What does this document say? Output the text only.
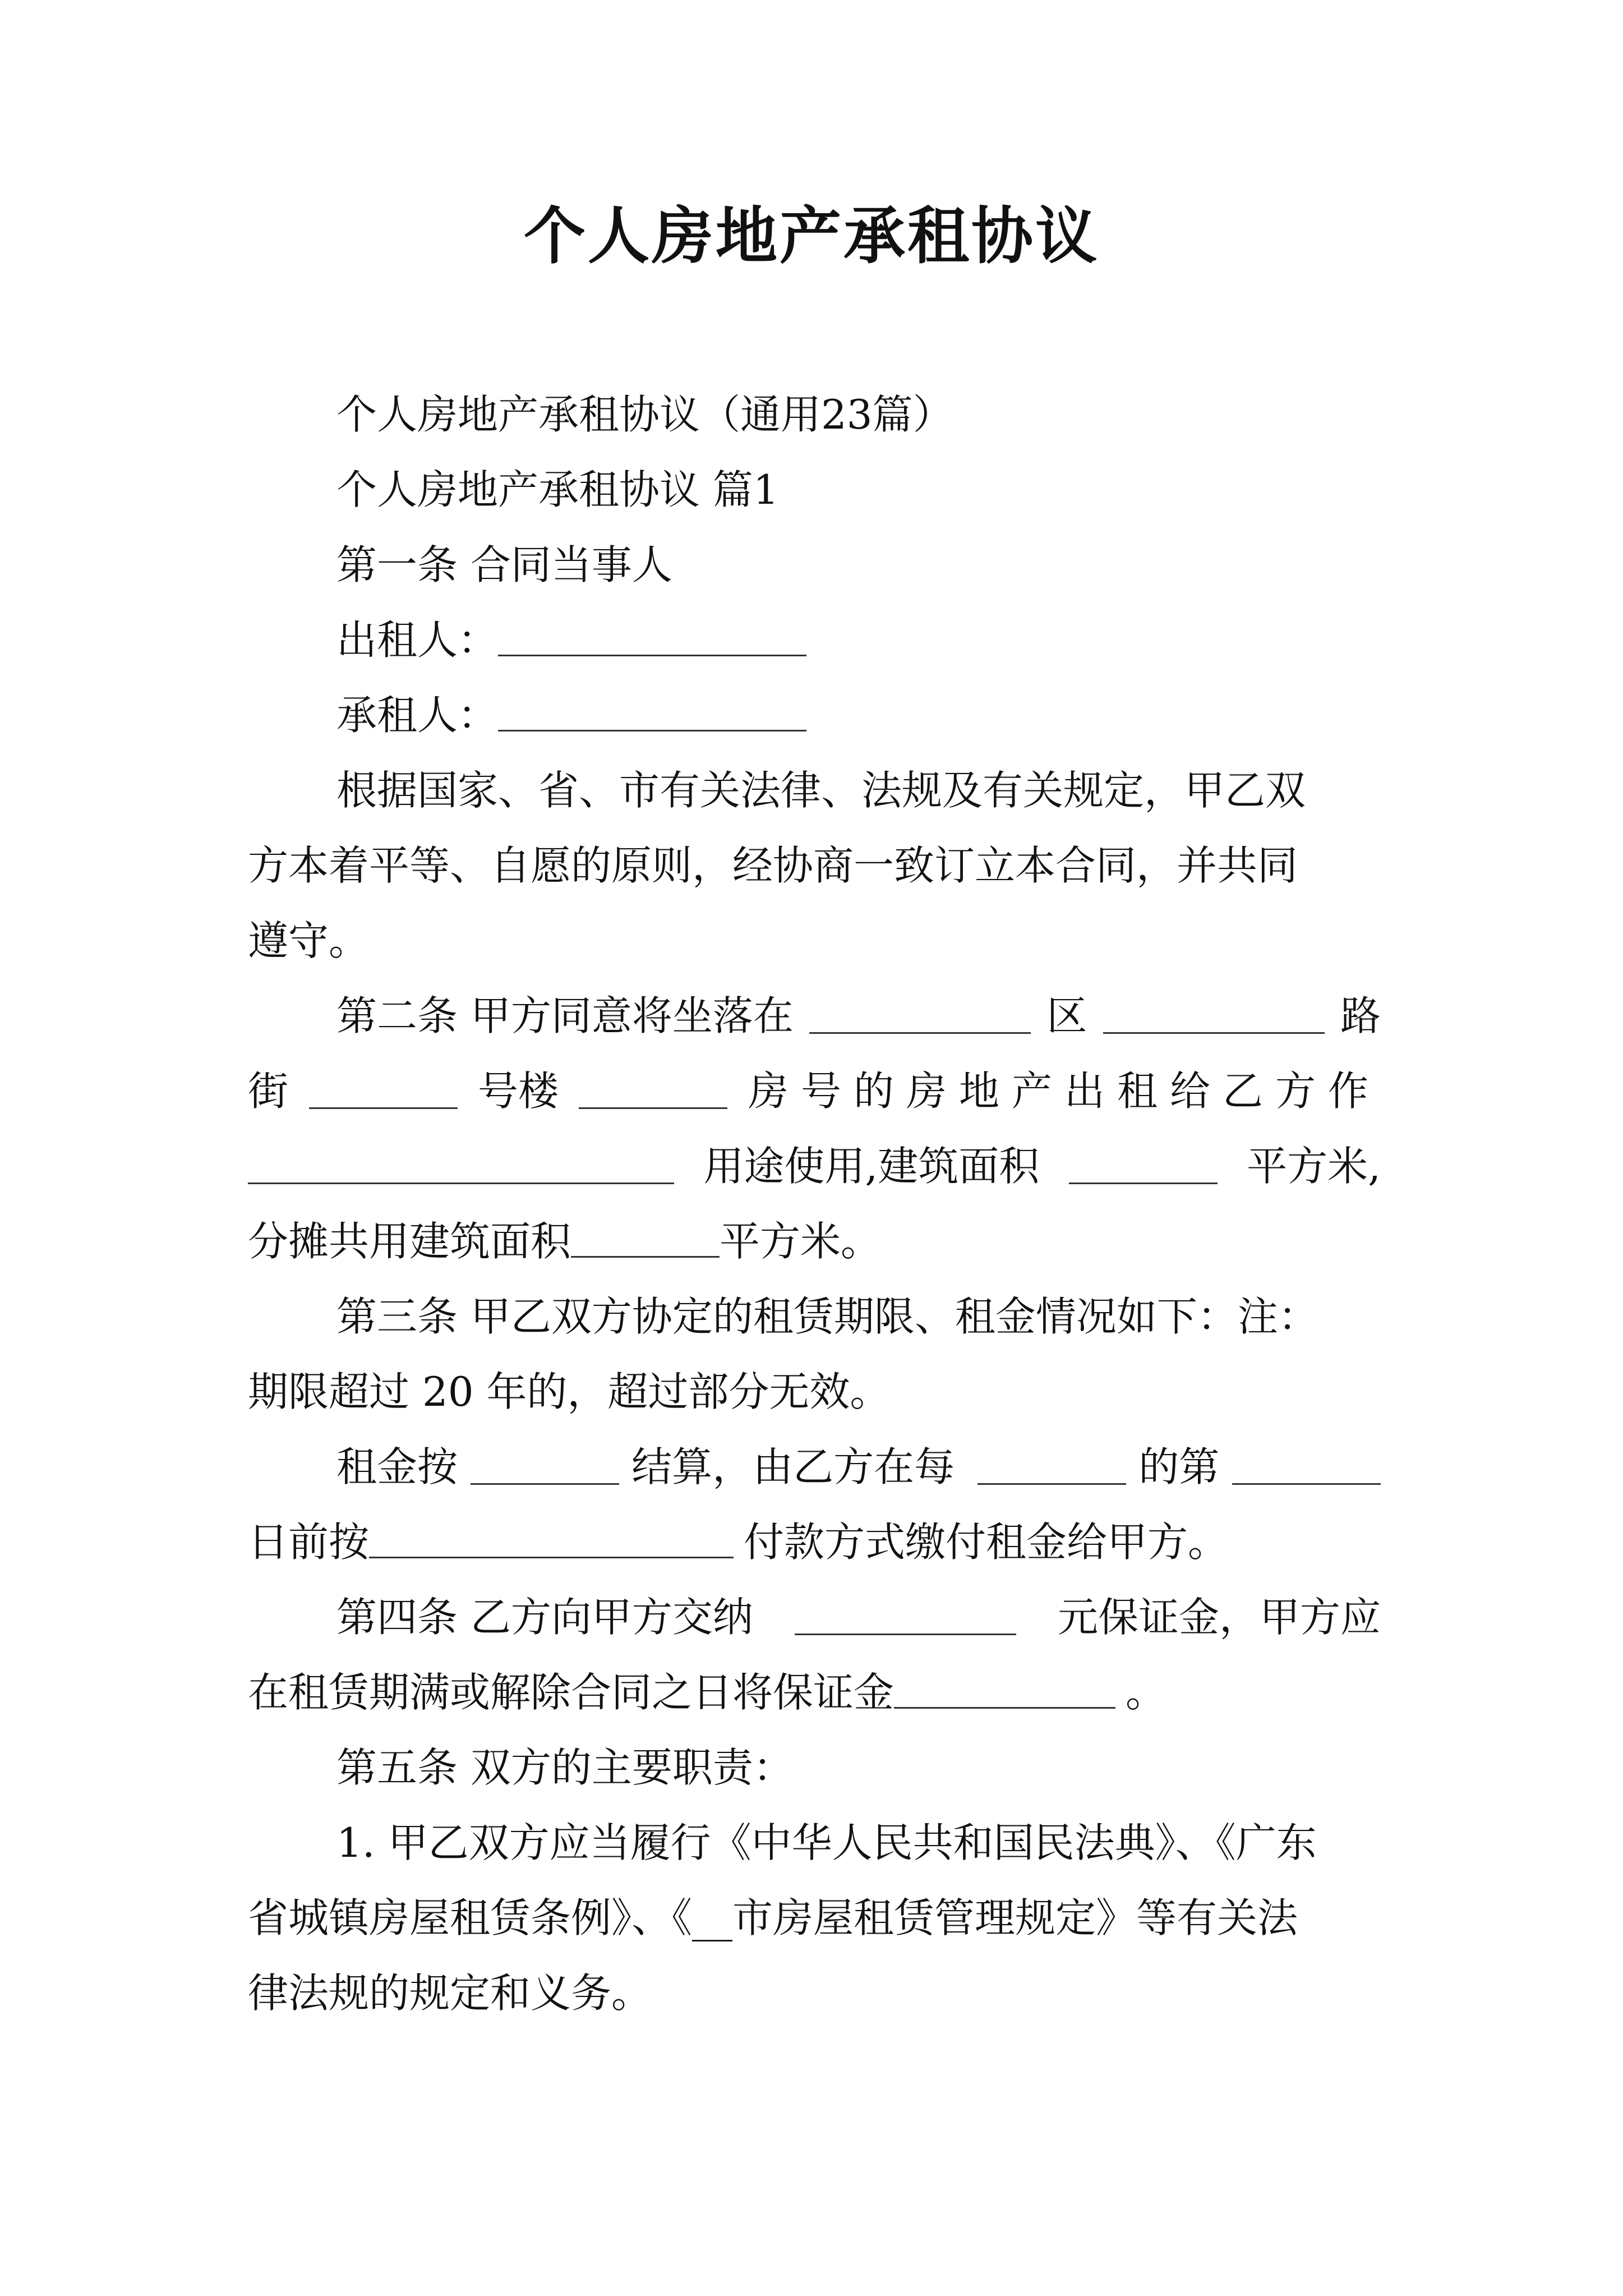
个人房地产承租协议

个人房地产承租协议（通用23篇）

个人房地产承租协议 篇1

第一条 合同当事人

出租人：

承租人：

根据国家、省、市有关法律、法规及有关规定，甲乙双

方本着平等、自愿的原则，经协商一致订立本合同，并共同

遵守。

第二条 甲方同意将坐落在	区	路
街	号楼	房号的房地产出租给乙方作
用途使用,建筑面积	平方米,

分摊共用建筑面积	平方米。

第三条 甲乙双方协定的租赁期限、租金情况如下：注：

期限超过 20 年的，超过部分无效。

租金按	结算，由乙方在每	的第

日前按	付款方式缴付租金给甲方。

第四条 乙方向甲方交纳	元保证金，甲方应

在租赁期满或解除合同之日将保证金	。

第五条 双方的主要职责：

1. 甲乙双方应当履行《中华人民共和国民法典》、《广东

省城镇房屋租赁条例》、《__市房屋租赁管理规定》等有关法

律法规的规定和义务。
